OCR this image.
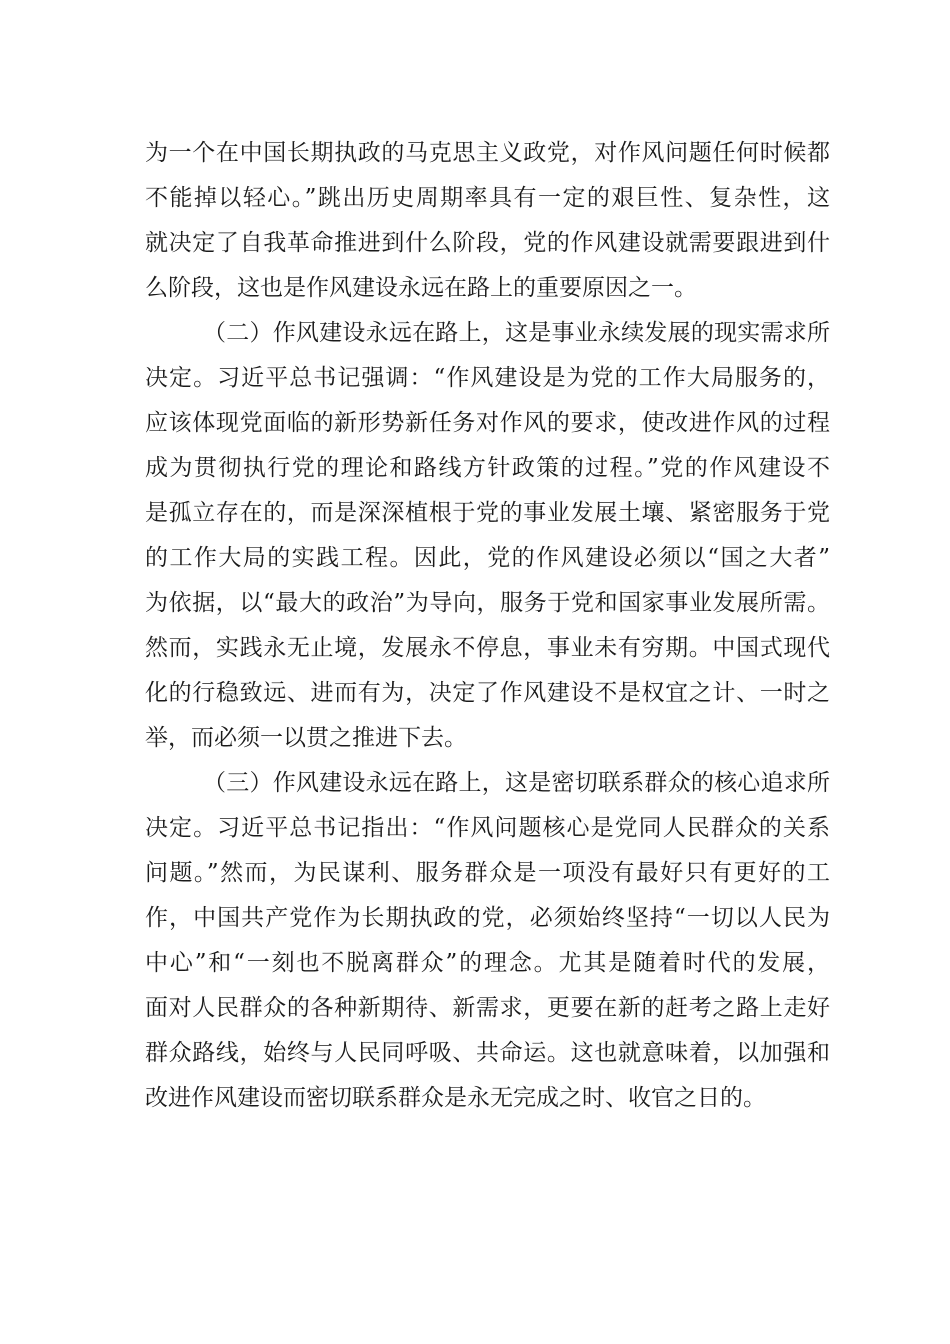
为一个在中国长期执政的马克思主义政党，对作风问题任何时候都
不能掉以轻心。”跳出历史周期率具有一定的艰巨性、复杂性，这
就决定了自我革命推进到什么阶段，党的作风建设就需要跟进到什
么阶段，这也是作风建设永远在路上的重要原因之一。
（二）作风建设永远在路上，这是事业永续发展的现实需求所
决定。习近平总书记强调：“作风建设是为党的工作大局服务的，
应该体现党面临的新形势新任务对作风的要求，使改进作风的过程
成为贯彻执行党的理论和路线方针政策的过程。”党的作风建设不
是孤立存在的，而是深深植根于党的事业发展土壤、紧密服务于党
的工作大局的实践工程。因此，党的作风建设必须以“国之大者”
为依据，以“最大的政治”为导向，服务于党和国家事业发展所需。
然而，实践永无止境，发展永不停息，事业未有穷期。中国式现代
化的行稳致远、进而有为，决定了作风建设不是权宜之计、一时之
举，而必须一以贯之推进下去。
（三）作风建设永远在路上，这是密切联系群众的核心追求所
决定。习近平总书记指出：“作风问题核心是党同人民群众的关系
问题。”然而，为民谋利、服务群众是一项没有最好只有更好的工
作，中国共产党作为长期执政的党，必须始终坚持“一切以人民为
中心”和“一刻也不脱离群众”的理念。尤其是随着时代的发展，
面对人民群众的各种新期待、新需求，更要在新的赶考之路上走好
群众路线，始终与人民同呼吸、共命运。这也就意味着，以加强和
改进作风建设而密切联系群众是永无完成之时、收官之日的。
